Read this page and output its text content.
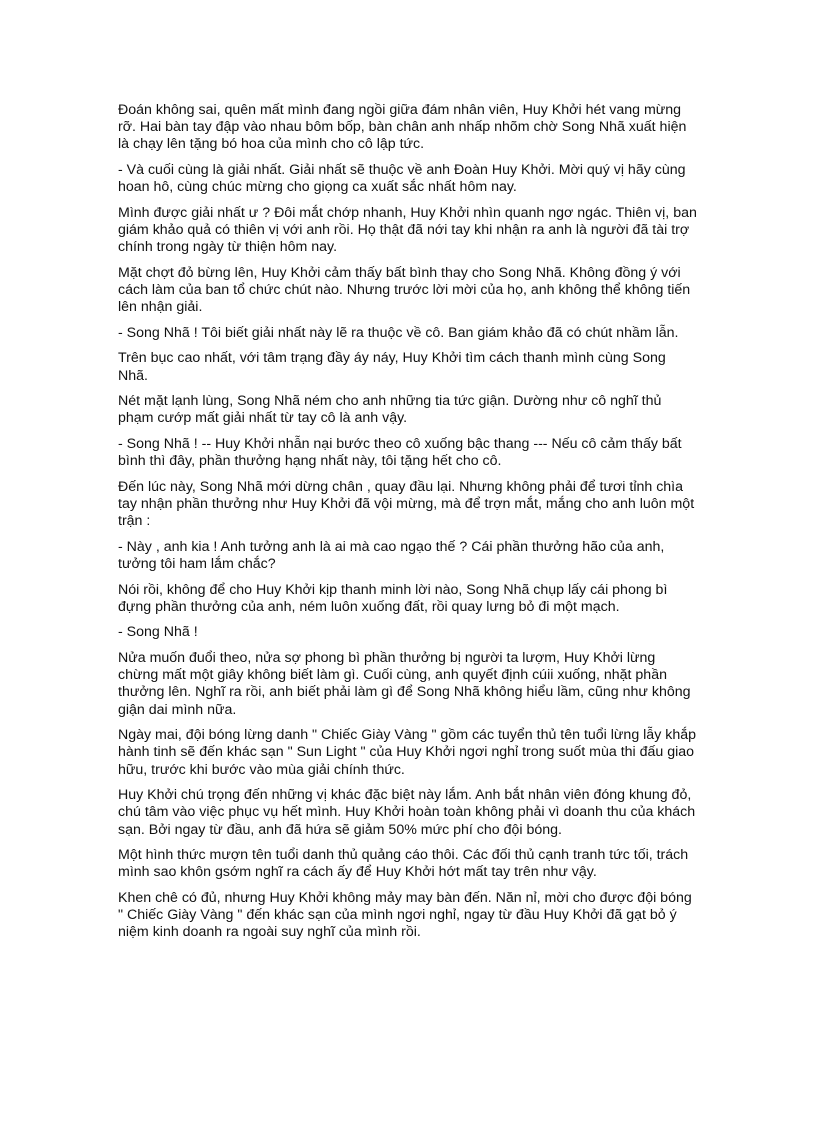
Đoán không sai, quên mất mình đang ngồi giữa đám nhân viên, Huy Khởi hét vang mừng rỡ. Hai bàn tay đập vào nhau bôm bốp, bàn chân anh nhấp nhõm chờ Song Nhã xuất hiện là chạy lên tặng bó hoa của mình cho cô lập tức.

- Và cuối cùng là giải nhất. Giải nhất sẽ thuộc về anh Đoàn Huy Khởi. Mời quý vị hãy cùng hoan hô, cùng chúc mừng cho giọng ca xuất sắc nhất hôm nay.

Mình được giải nhất ư ? Đôi mắt chớp nhanh, Huy Khởi nhìn quanh ngơ ngác. Thiên vị, ban giám khảo quả có thiên vị với anh rồi. Họ thật đã nới tay khi nhận ra anh là người đã tài trợ chính trong ngày từ thiện hôm nay.

Mặt chợt đỏ bừng lên, Huy Khởi cảm thấy bất bình thay cho Song Nhã. Không đồng ý với cách làm của ban tổ chức chút nào. Nhưng trước lời mời của họ, anh không thể không tiến lên nhận giải.

- Song Nhã ! Tôi biết giải nhất này lẽ ra thuộc về cô. Ban giám khảo đã có chút nhầm lẫn.

Trên bục cao nhất, với tâm trạng đầy áy náy, Huy Khởi tìm cách thanh mình cùng Song Nhã.

Nét mặt lạnh lùng, Song Nhã ném cho anh những tia tức giận. Dường như cô nghĩ thủ phạm cướp mất giải nhất từ tay cô là anh vậy.

- Song Nhã ! -- Huy Khởi nhẫn nại bước theo cô xuống bậc thang --- Nếu cô cảm thấy bất bình thì đây, phần thưởng hạng nhất này, tôi tặng hết cho cô.

Đến lúc này, Song Nhã mới dừng chân , quay đầu lại. Nhưng không phải để tươi tỉnh chìa tay nhận phần thưởng như Huy Khởi đã vội mừng, mà để trợn mắt, mắng cho anh luôn một trận :

- Này , anh kia ! Anh tưởng anh là ai mà cao ngạo thế ? Cái phần thưởng hão của anh, tưởng tôi ham lắm chắc?

Nói rồi, không để cho Huy Khởi kịp thanh minh lời nào, Song Nhã chụp lấy cái phong bì đựng phần thưởng của anh, ném luôn xuống đất, rồi quay lưng bỏ đi một mạch.

- Song Nhã !

Nửa muốn đuổi theo, nửa sợ phong bì phần thưởng bị người ta lượm, Huy Khởi lừng chừng mất một giây không biết làm gì. Cuối cùng, anh quyết định cúii xuống, nhặt phần thưởng lên. Nghĩ ra rồi, anh biết phải làm gì để Song Nhã không hiểu lầm, cũng như không giận dai mình nữa.

Ngày mai, đội bóng lừng danh " Chiếc Giày Vàng " gồm các tuyển thủ tên tuổi lừng lẫy khắp hành tinh sẽ đến khác sạn " Sun Light " của Huy Khởi ngơi nghỉ trong suốt mùa thi đấu giao hữu, trước khi bước vào mùa giải chính thức.

Huy Khởi chú trọng đến những vị khác đặc biệt này lắm. Anh bắt nhân viên đóng khung đỏ, chú tâm vào việc phục vụ hết mình. Huy Khởi hoàn toàn không phải vì doanh thu của khách sạn. Bởi ngay từ đầu, anh đã hứa sẽ giảm 50% mức phí cho đội bóng.

Một hình thức mượn tên tuổi danh thủ quảng cáo thôi. Các đối thủ cạnh tranh tức tối, trách mình sao khôn gsớm nghĩ ra cách ấy để Huy Khởi hớt mất tay trên như vậy.

Khen chê có đủ, nhưng Huy Khởi không mảy may bàn đến. Năn nỉ, mời cho được đội bóng " Chiếc Giày Vàng " đến khác sạn của mình ngơi nghỉ, ngay từ đầu Huy Khởi đã gạt bỏ ý niệm kinh doanh ra ngoài suy nghĩ của mình rồi.
